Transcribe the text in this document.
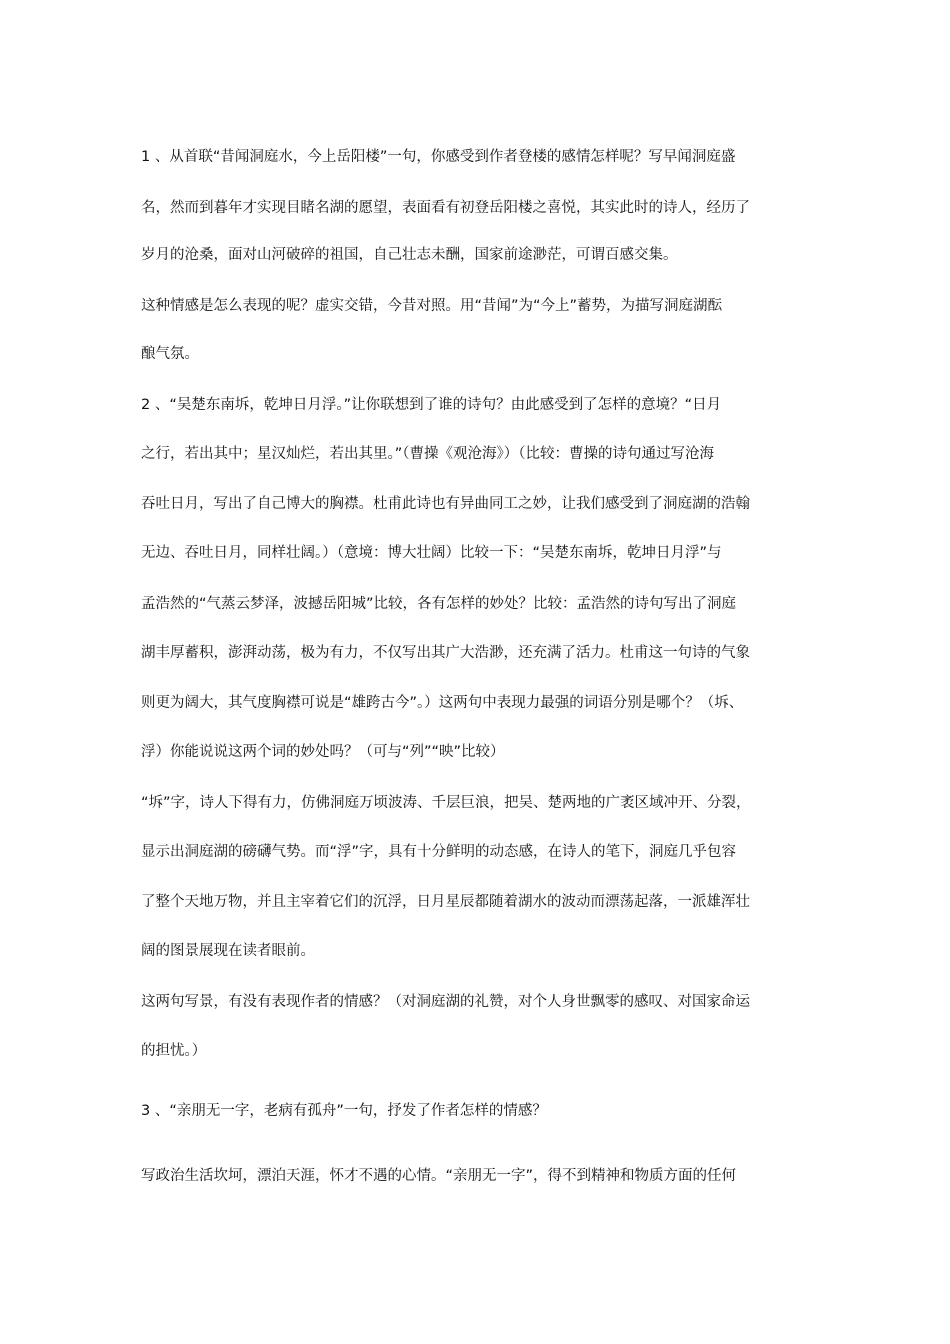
1 、从首联“昔闻洞庭水，今上岳阳楼”一句，你感受到作者登楼的感情怎样呢？写早闻洞庭盛
名，然而到暮年才实现目睹名湖的愿望，表面看有初登岳阳楼之喜悦，其实此时的诗人，经历了
岁月的沧桑，面对山河破碎的祖国，自己壮志未酬，国家前途渺茫，可谓百感交集。
这种情感是怎么表现的呢？虚实交错，今昔对照。用“昔闻”为“今上”蓄势，为描写洞庭湖酝
酿气氛。
2 、“吴楚东南坼，乾坤日月浮。”让你联想到了谁的诗句？由此感受到了怎样的意境？“日月
之行，若出其中；星汉灿烂，若出其里。”（曹操《观沧海》）（比较：曹操的诗句通过写沧海
吞吐日月，写出了自己博大的胸襟。杜甫此诗也有异曲同工之妙，让我们感受到了洞庭湖的浩翰
无边、吞吐日月，同样壮阔。）（意境：博大壮阔）比较一下：“吴楚东南坼，乾坤日月浮”与
孟浩然的“气蒸云梦泽，波撼岳阳城”比较，各有怎样的妙处？比较：孟浩然的诗句写出了洞庭
湖丰厚蓄积，澎湃动荡，极为有力，不仅写出其广大浩渺，还充满了活力。杜甫这一句诗的气象
则更为阔大，其气度胸襟可说是“雄跨古今”。）这两句中表现力最强的词语分别是哪个？（坼、
浮）你能说说这两个词的妙处吗？（可与“列”“映”比较）
“坼”字，诗人下得有力，仿佛洞庭万顷波涛、千层巨浪，把吴、楚两地的广袤区域冲开、分裂，
显示出洞庭湖的磅礴气势。而“浮”字，具有十分鲜明的动态感，在诗人的笔下，洞庭几乎包容
了整个天地万物，并且主宰着它们的沉浮，日月星辰都随着湖水的波动而漂荡起落，一派雄浑壮
阔的图景展现在读者眼前。
这两句写景，有没有表现作者的情感？（对洞庭湖的礼赞，对个人身世飘零的感叹、对国家命运
的担忧。）
3 、“亲朋无一字，老病有孤舟”一句，抒发了作者怎样的情感？
写政治生活坎坷，漂泊天涯，怀才不遇的心情。“亲朋无一字”，得不到精神和物质方面的任何
